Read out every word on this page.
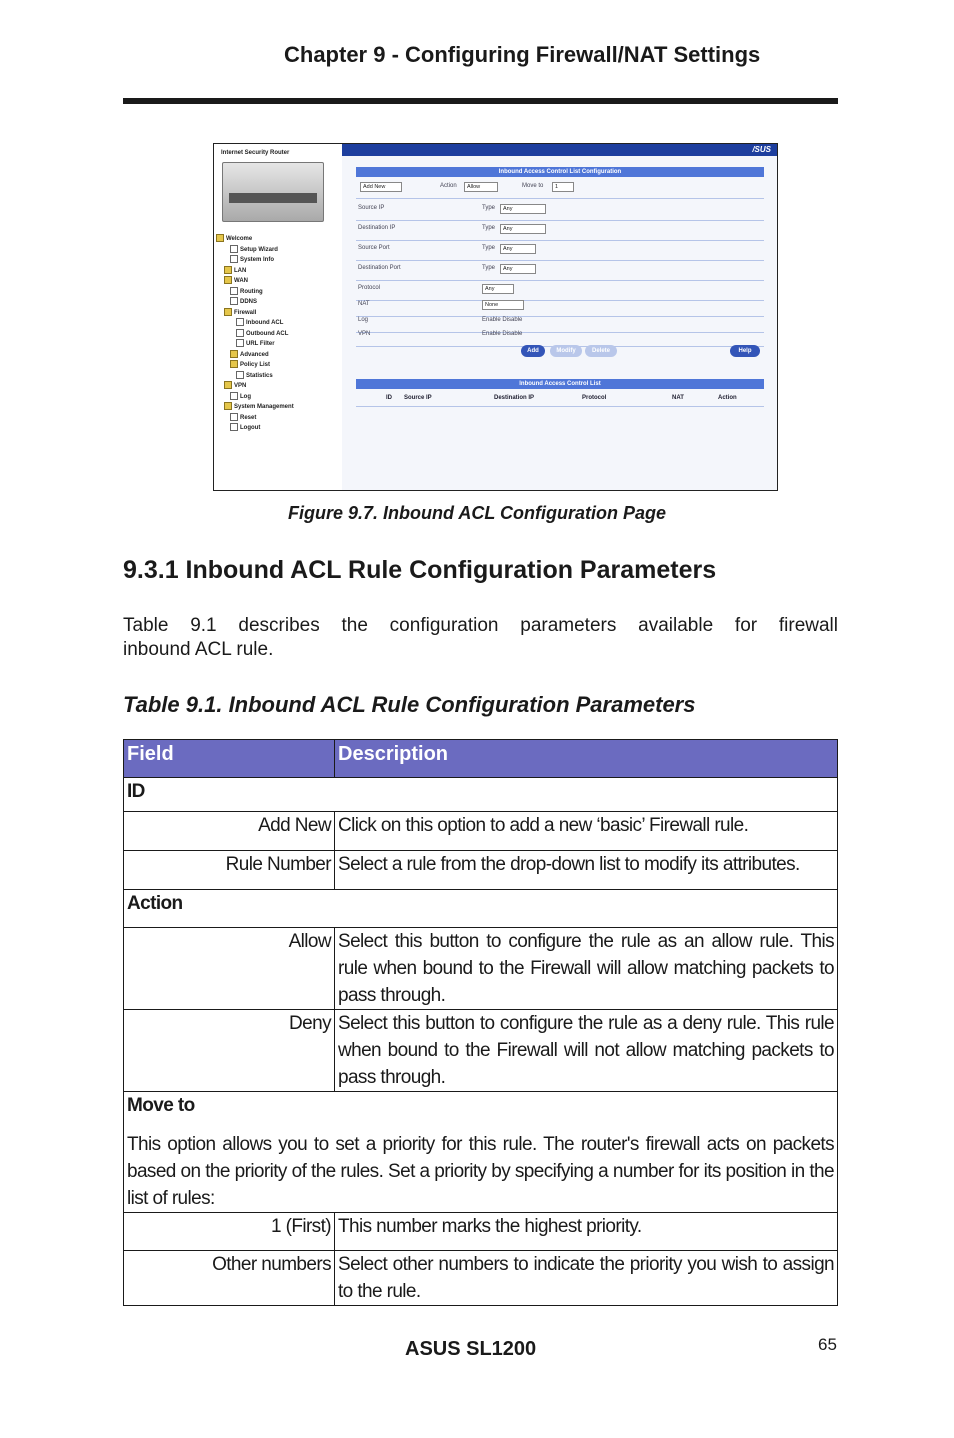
Chapter 9 - Configuring Firewall/NAT Settings
Internet Security Router
Welcome
Setup Wizard
System Info
LAN
WAN
Routing
DDNS
Firewall
Inbound ACL
Outbound ACL
URL Filter
Advanced
Policy List
Statistics
VPN
Log
System Management
Reset
Logout
/SUS
Inbound Access Control List Configuration
Add New	Action	Allow	Move to	1
Source IP	Type	Any
Destination IP	Type	Any
Source Port	Type	Any
Destination Port	Type	Any
Protocol	Any
NAT	None
Log	Enable Disable
VPN	Enable Disable
Add	Modify	Delete	Help
Inbound Access Control List
ID Source IP	Destination IP	Protocol	NAT	Action
Figure 9.7. Inbound ACL Configuration Page
9.3.1 Inbound ACL Rule Configuration Parameters
Table 9.1 describes the configuration parameters available for firewall
inbound ACL rule.
Table 9.1. Inbound ACL Rule Configuration Parameters
Field	Description
ID	
Add New	Click on this option to add a new ‘basic’ Firewall rule.
Rule Number	Select a rule from the drop-down list to modify its attributes.
Action	
Allow	Select this button to configure the rule as an allow rule. This rule when bound to the Firewall will allow matching packets to pass through.
Deny	Select this button to configure the rule as a deny rule. This rule when bound to the Firewall will not allow matching packets to pass through.

Move to
This option allows you to set a priority for this rule. The router's firewall acts on packets based on the priority of the rules. Set a priority by specifying a number for its position in the list of rules:	

1 (First)	This number marks the highest priority.
Other numbers	Select other numbers to indicate the priority you wish to assign to the rule.
ASUS SL1200	65
